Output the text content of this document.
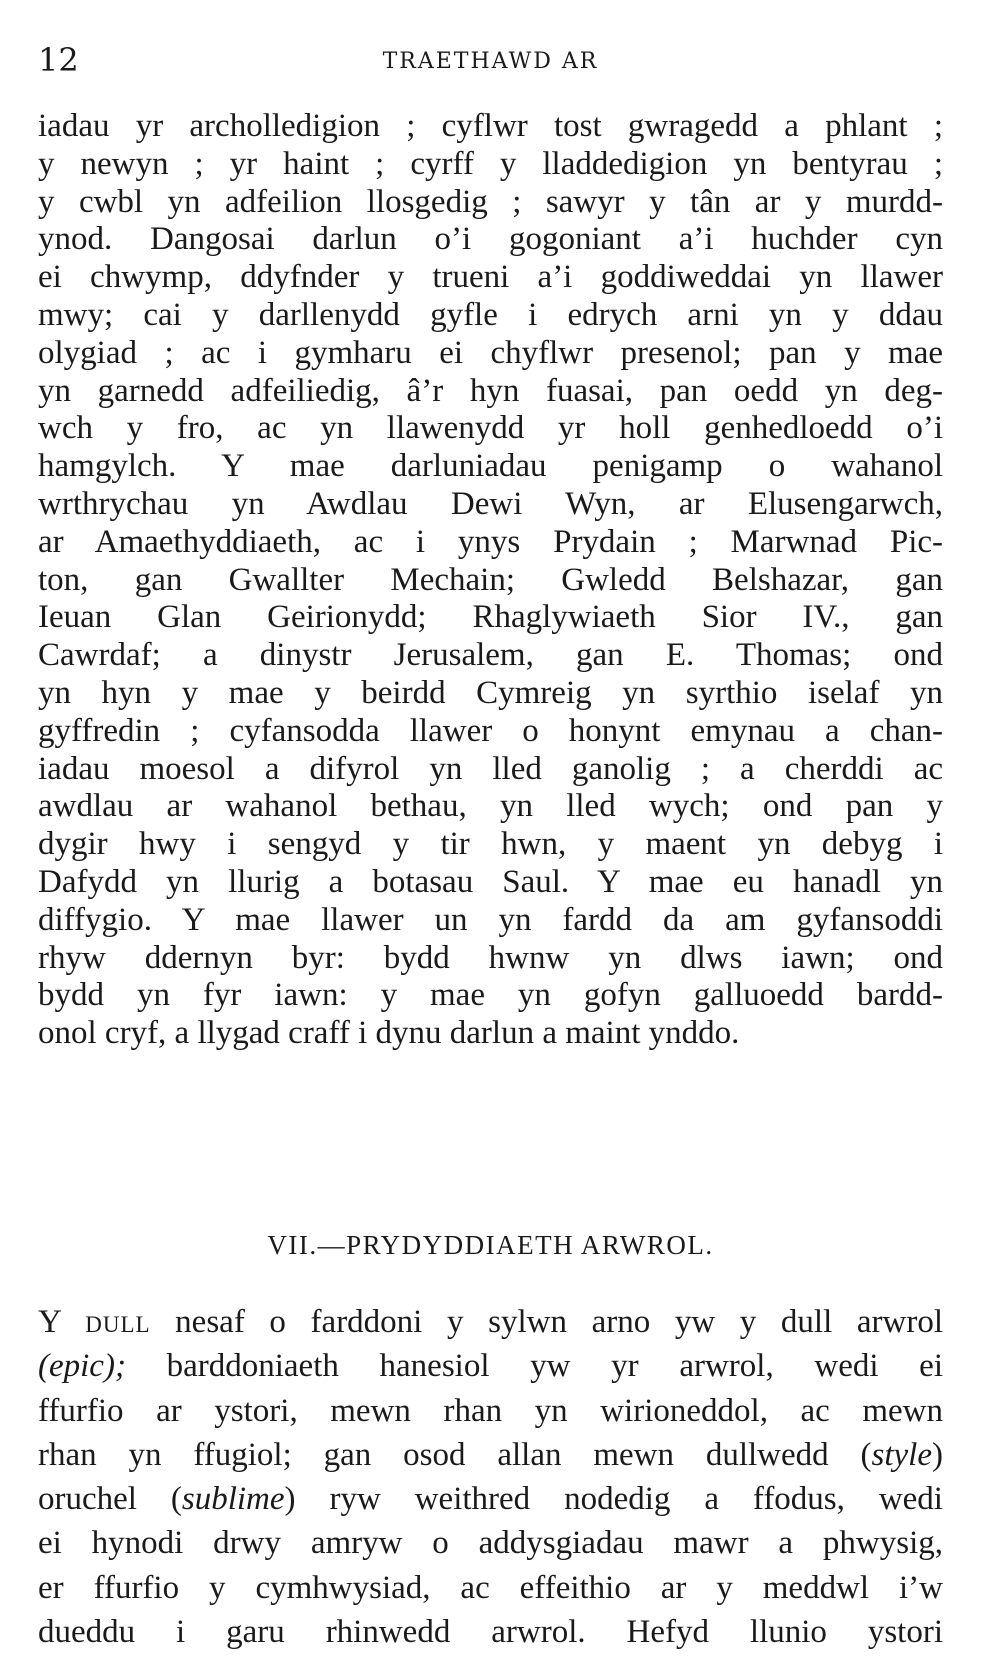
12	TRAETHAWD AR
iadau yr archolledigion ; cyflwr tost gwragedd a phlant ;
y newyn ; yr haint ; cyrff y lladdedigion yn bentyrau ;
y cwbl yn adfeilion llosgedig ; sawyr y tân ar y murdd-
ynod. Dangosai darlun o’i gogoniant a’i huchder cyn
ei chwymp, ddyfnder y trueni a’i goddiweddai yn llawer
mwy; cai y darllenydd gyfle i edrych arni yn y ddau
olygiad ; ac i gymharu ei chyflwr presenol; pan y mae
yn garnedd adfeiliedig, â’r hyn fuasai, pan oedd yn deg-
wch y fro, ac yn llawenydd yr holl genhedloedd o’i
hamgylch. Y mae darluniadau penigamp o wahanol
wrthrychau yn Awdlau Dewi Wyn, ar Elusengarwch,
ar Amaethyddiaeth, ac i ynys Prydain ; Marwnad Pic-
ton, gan Gwallter Mechain; Gwledd Belshazar, gan
Ieuan Glan Geirionydd; Rhaglywiaeth Sior IV., gan
Cawrdaf; a dinystr Jerusalem, gan E. Thomas; ond
yn hyn y mae y beirdd Cymreig yn syrthio iselaf yn
gyffredin ; cyfansodda llawer o honynt emynau a chan-
iadau moesol a difyrol yn lled ganolig ; a cherddi ac
awdlau ar wahanol bethau, yn lled wych; ond pan y
dygir hwy i sengyd y tir hwn, y maent yn debyg i
Dafydd yn llurig a botasau Saul. Y mae eu hanadl yn
diffygio. Y mae llawer un yn fardd da am gyfansoddi
rhyw ddernyn byr: bydd hwnw yn dlws iawn; ond
bydd yn fyr iawn: y mae yn gofyn galluoedd bardd-
onol cryf, a llygad craff i dynu darlun a maint ynddo.
VII.—PRYDYDDIAETH ARWROL.
Y dull nesaf o farddoni y sylwn arno yw y dull arwrol
(epic); barddoniaeth hanesiol yw yr arwrol, wedi ei
ffurfio ar ystori, mewn rhan yn wirioneddol, ac mewn
rhan yn ffugiol; gan osod allan mewn dullwedd (style)
oruchel (sublime) ryw weithred nodedig a ffodus, wedi
ei hynodi drwy amryw o addysgiadau mawr a phwysig,
er ffurfio y cymhwysiad, ac effeithio ar y meddwl i’w
dueddu i garu rhinwedd arwrol. Hefyd llunio ystori
